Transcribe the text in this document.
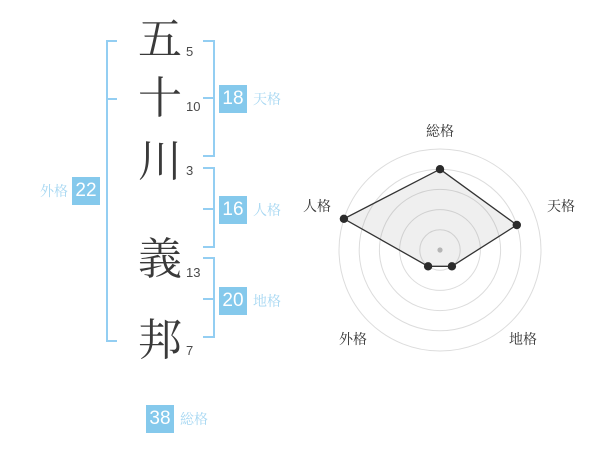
五 5
十 10
川 3
義 13
邦 7
18 天格
16 人格
20 地格
外格 22
38 総格
総格
天格
地格
外格
人格
